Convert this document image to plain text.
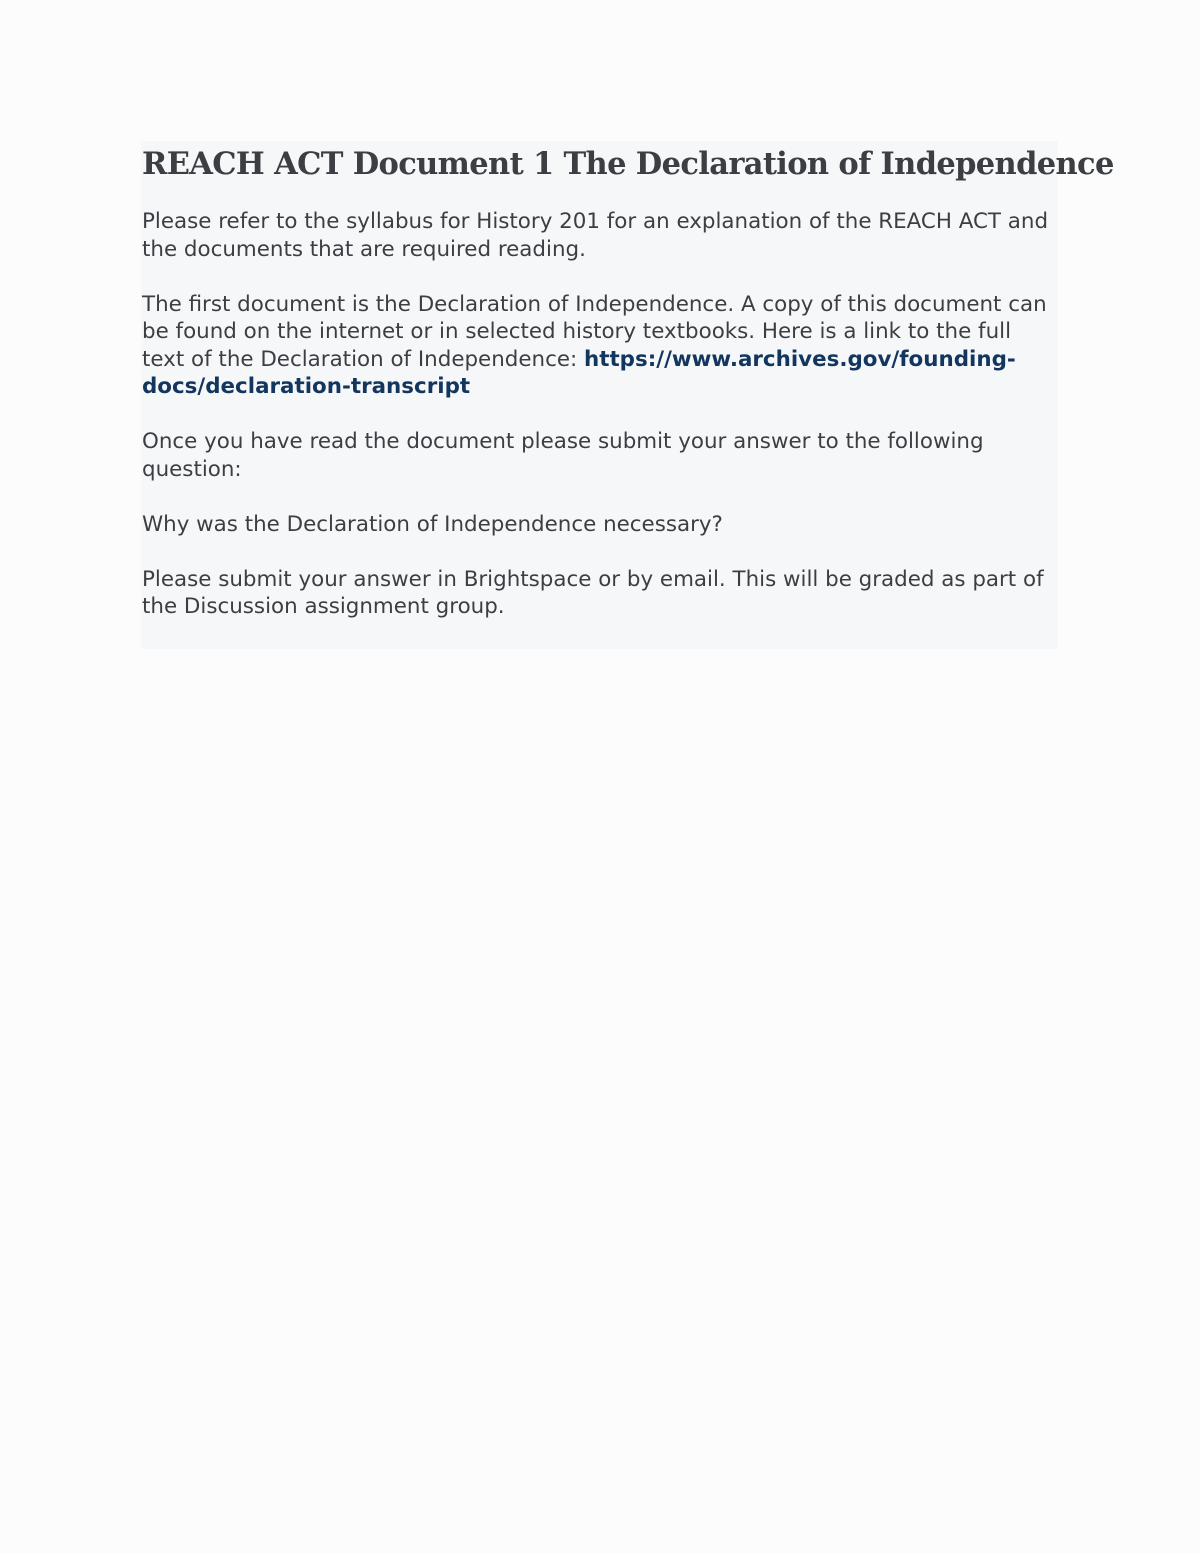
REACH ACT Document 1 The Declaration of Independence

Please refer to the syllabus for History 201 for an explanation of the REACH ACT and the documents that are required reading.

The first document is the Declaration of Independence. A copy of this document can be found on the internet or in selected history textbooks. Here is a link to the full text of the Declaration of Independence: https://www.archives.gov/founding-docs/declaration-transcript

Once you have read the document please submit your answer to the following question:

Why was the Declaration of Independence necessary?

Please submit your answer in Brightspace or by email. This will be graded as part of the Discussion assignment group.
